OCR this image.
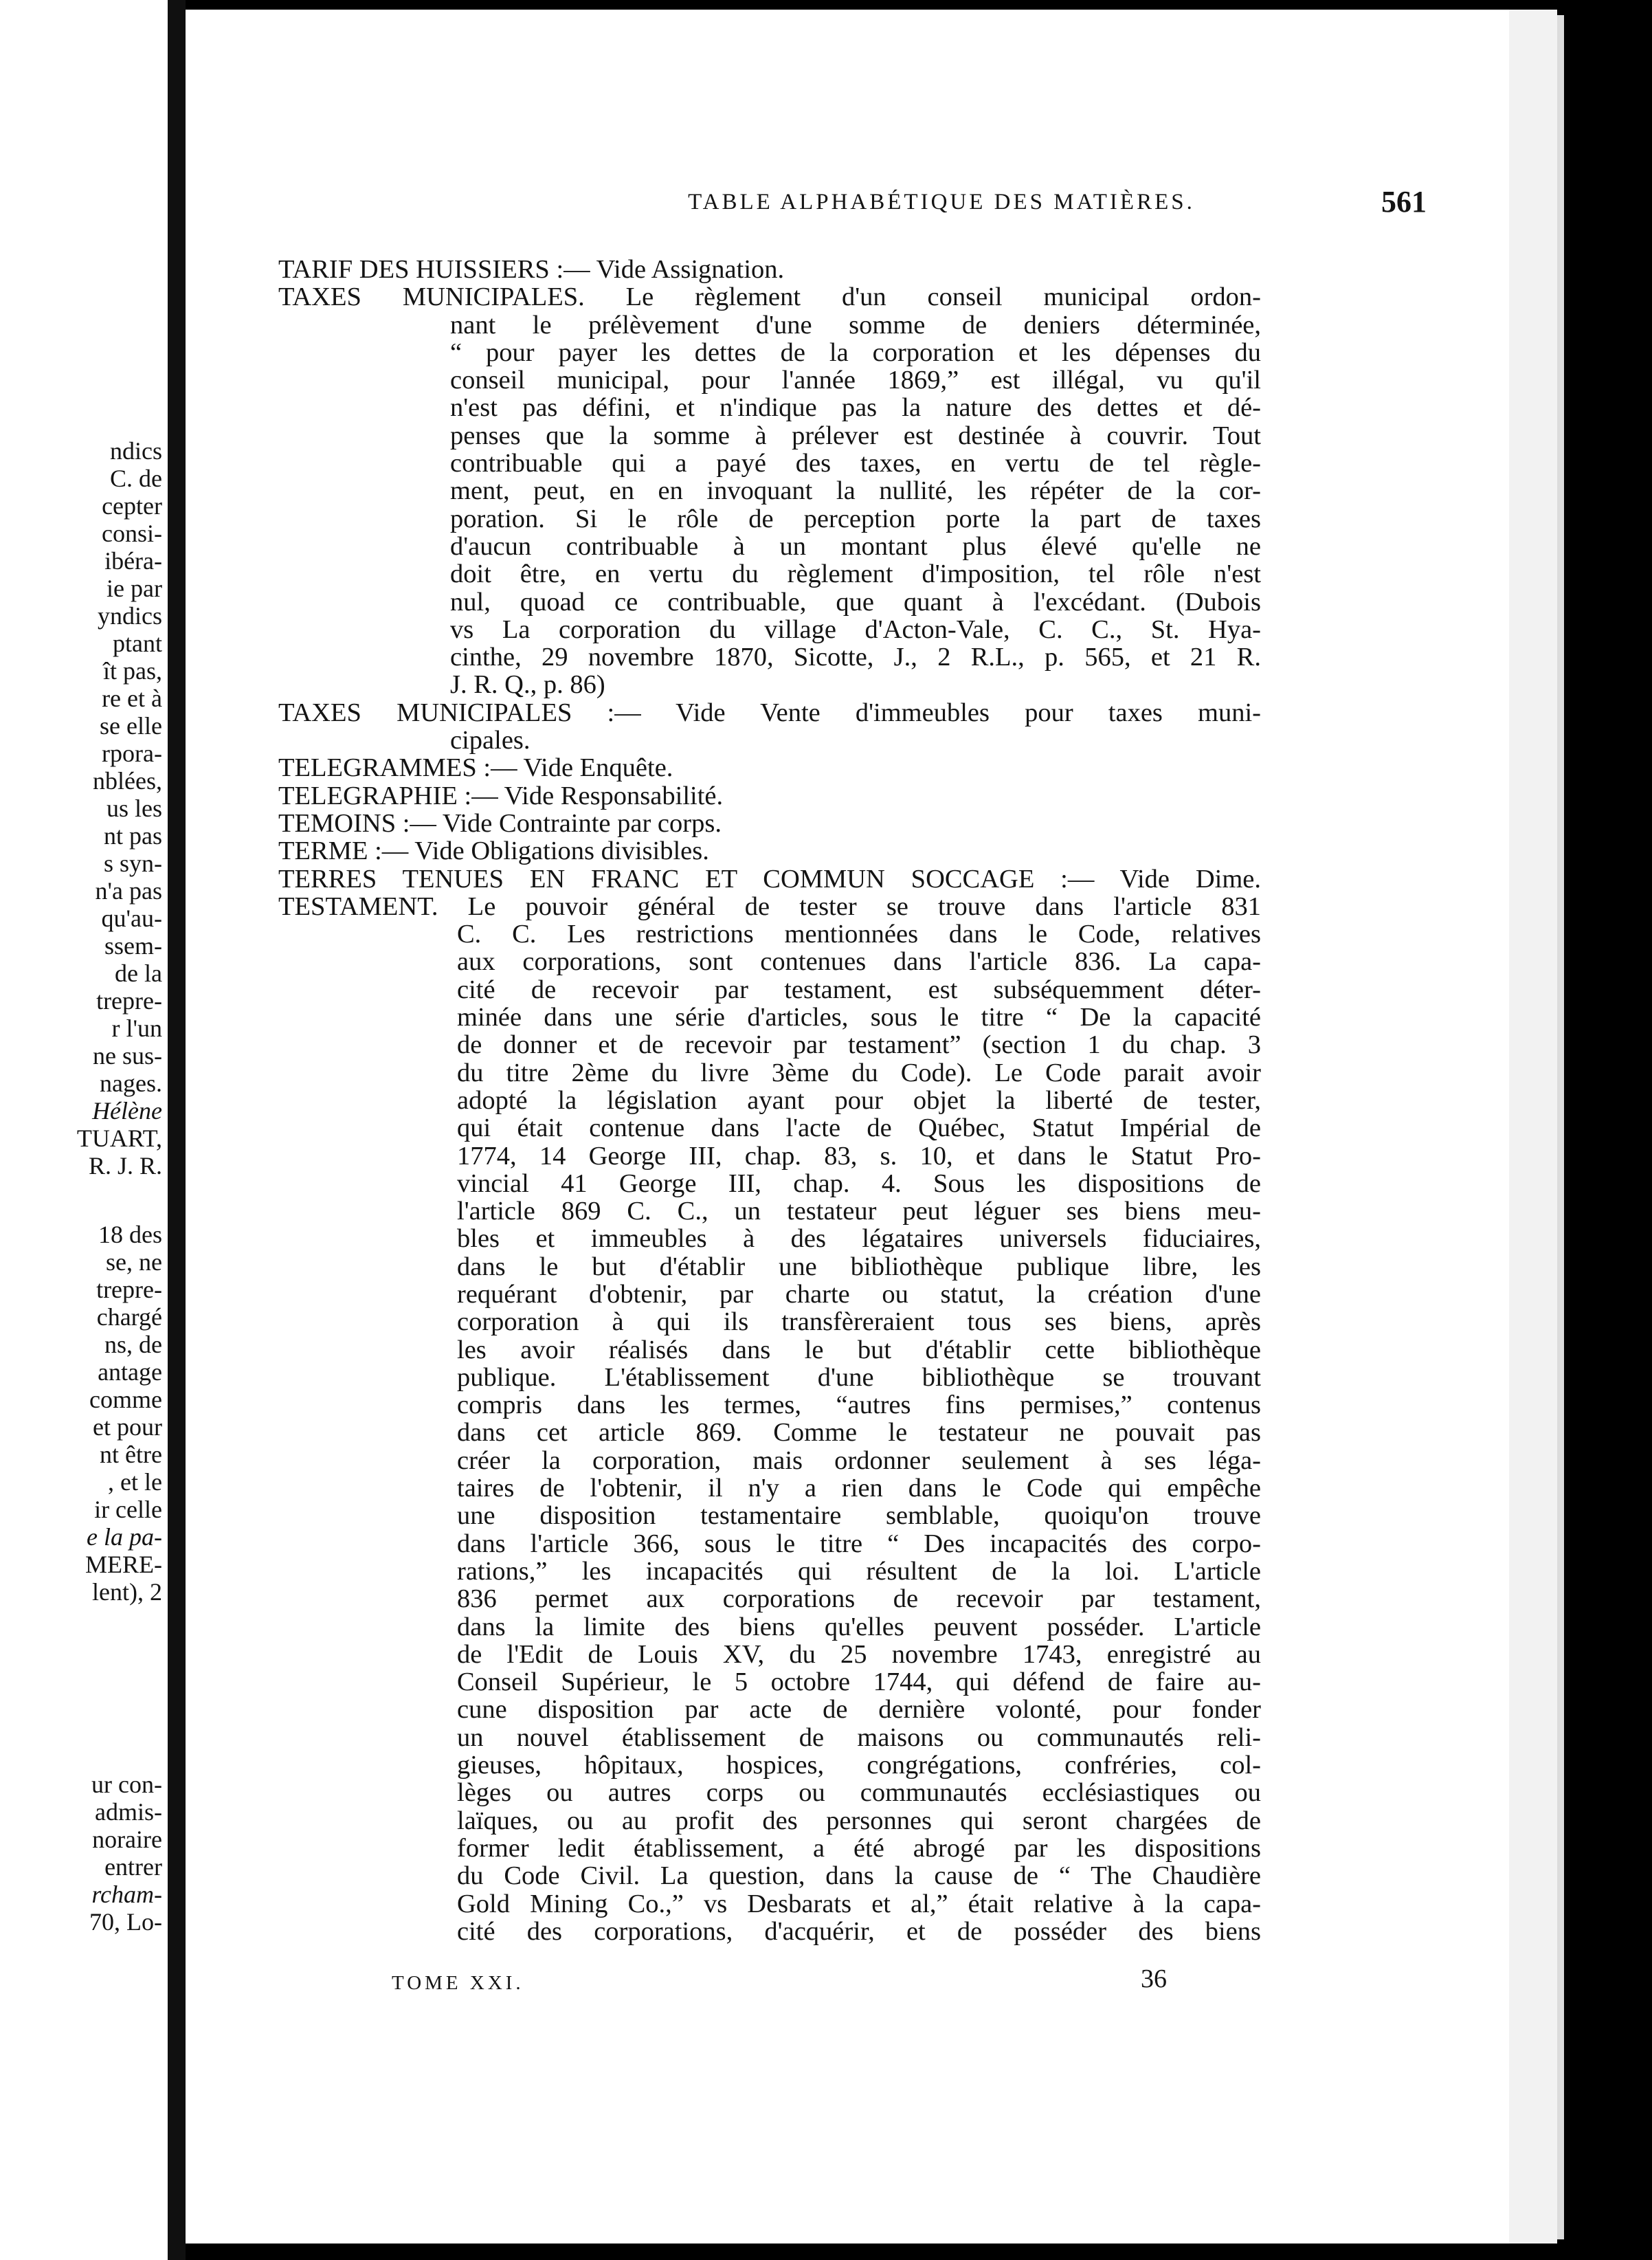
ndics
C. de
cepter
consi-
ibéra-
ie par
yndics
ptant
ît pas,
re et à
se elle
rpora-
nblées,
us les
nt pas
s syn-
n'a pas
qu'au-
ssem-
de la
trepre-
r l'un
ne sus-
nages.
Hélène
TUART,
R. J. R.
18 des
se, ne
trepre-
chargé
ns, de
antage
comme
et pour
nt être
, et le
ir celle
e la pa-
MERE-
lent), 2
ur con-
admis-
noraire
entrer
rcham-
70, Lo-
TABLE ALPHABÉTIQUE DES MATIÈRES.	561
TARIF DES HUISSIERS :— Vide Assignation.
TAXES MUNICIPALES. Le règlement d'un conseil municipal ordon-
nant le prélèvement d'une somme de deniers déterminée,
“ pour payer les dettes de la corporation et les dépenses du
conseil municipal, pour l'année 1869,” est illégal, vu qu'il
n'est pas défini, et n'indique pas la nature des dettes et dé-
penses que la somme à prélever est destinée à couvrir. Tout
contribuable qui a payé des taxes, en vertu de tel règle-
ment, peut, en en invoquant la nullité, les répéter de la cor-
poration. Si le rôle de perception porte la part de taxes
d'aucun contribuable à un montant plus élevé qu'elle ne
doit être, en vertu du règlement d'imposition, tel rôle n'est
nul, quoad ce contribuable, que quant à l'excédant. (Dubois
vs La corporation du village d'Acton-Vale, C. C., St. Hya-
cinthe, 29 novembre 1870, Sicotte, J., 2 R.L., p. 565, et 21 R.
J. R. Q., p. 86)
TAXES MUNICIPALES :— Vide Vente d'immeubles pour taxes muni-
cipales.
TELEGRAMMES :— Vide Enquête.
TELEGRAPHIE :— Vide Responsabilité.
TEMOINS :— Vide Contrainte par corps.
TERME :— Vide Obligations divisibles.
TERRES TENUES EN FRANC ET COMMUN SOCCAGE :— Vide Dime.
TESTAMENT. Le pouvoir général de tester se trouve dans l'article 831
C. C. Les restrictions mentionnées dans le Code, relatives
aux corporations, sont contenues dans l'article 836. La capa-
cité de recevoir par testament, est subséquemment déter-
minée dans une série d'articles, sous le titre “ De la capacité
de donner et de recevoir par testament” (section 1 du chap. 3
du titre 2ème du livre 3ème du Code). Le Code parait avoir
adopté la législation ayant pour objet la liberté de tester,
qui était contenue dans l'acte de Québec, Statut Impérial de
1774, 14 George III, chap. 83, s. 10, et dans le Statut Pro-
vincial 41 George III, chap. 4. Sous les dispositions de
l'article 869 C. C., un testateur peut léguer ses biens meu-
bles et immeubles à des légataires universels fiduciaires,
dans le but d'établir une bibliothèque publique libre, les
requérant d'obtenir, par charte ou statut, la création d'une
corporation à qui ils transfèreraient tous ses biens, après
les avoir réalisés dans le but d'établir cette bibliothèque
publique. L'établissement d'une bibliothèque se trouvant
compris dans les termes, “autres fins permises,” contenus
dans cet article 869. Comme le testateur ne pouvait pas
créer la corporation, mais ordonner seulement à ses léga-
taires de l'obtenir, il n'y a rien dans le Code qui empêche
une disposition testamentaire semblable, quoiqu'on trouve
dans l'article 366, sous le titre “ Des incapacités des corpo-
rations,” les incapacités qui résultent de la loi. L'article
836 permet aux corporations de recevoir par testament,
dans la limite des biens qu'elles peuvent posséder. L'article
de l'Edit de Louis XV, du 25 novembre 1743, enregistré au
Conseil Supérieur, le 5 octobre 1744, qui défend de faire au-
cune disposition par acte de dernière volonté, pour fonder
un nouvel établissement de maisons ou communautés reli-
gieuses, hôpitaux, hospices, congrégations, confréries, col-
lèges ou autres corps ou communautés ecclésiastiques ou
laïques, ou au profit des personnes qui seront chargées de
former ledit établissement, a été abrogé par les dispositions
du Code Civil. La question, dans la cause de “ The Chaudière
Gold Mining Co.,” vs Desbarats et al,” était relative à la capa-
cité des corporations, d'acquérir, et de posséder des biens
TOME XXI.	36
